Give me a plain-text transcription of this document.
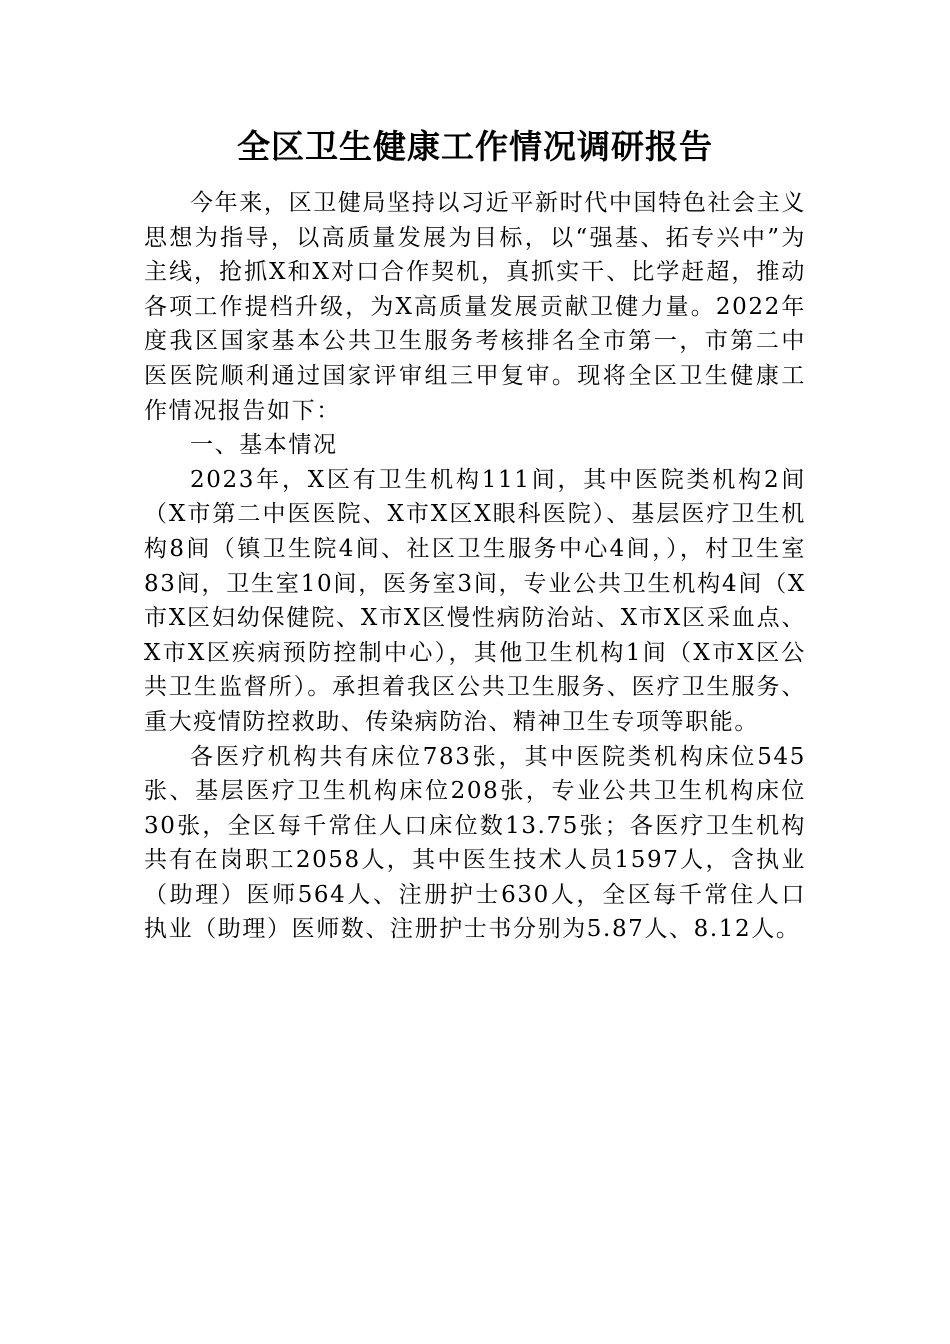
全区卫生健康工作情况调研报告

今年来，区卫健局坚持以习近平新时代中国特色社会主义思想为指导，以高质量发展为目标，以“强基、拓专兴中”为主线，抢抓X和X对口合作契机，真抓实干、比学赶超，推动各项工作提档升级，为X高质量发展贡献卫健力量。2022年度我区国家基本公共卫生服务考核排名全市第一，市第二中医医院顺利通过国家评审组三甲复审。现将全区卫生健康工作情况报告如下：

一、基本情况

2023年，X区有卫生机构111间，其中医院类机构2间（X市第二中医医院、X市X区X眼科医院）、基层医疗卫生机构8间（镇卫生院4间、社区卫生服务中心4间，），村卫生室83间，卫生室10间，医务室3间，专业公共卫生机构4间（X市X区妇幼保健院、X市X区慢性病防治站、X市X区采血点、X市X区疾病预防控制中心），其他卫生机构1间（X市X区公共卫生监督所）。承担着我区公共卫生服务、医疗卫生服务、重大疫情防控救助、传染病防治、精神卫生专项等职能。

各医疗机构共有床位783张，其中医院类机构床位545张、基层医疗卫生机构床位208张，专业公共卫生机构床位30张，全区每千常住人口床位数13.75张；各医疗卫生机构共有在岗职工2058人，其中医生技术人员1597人，含执业（助理）医师564人、注册护士630人，全区每千常住人口执业（助理）医师数、注册护士书分别为5.87人、8.12人。
